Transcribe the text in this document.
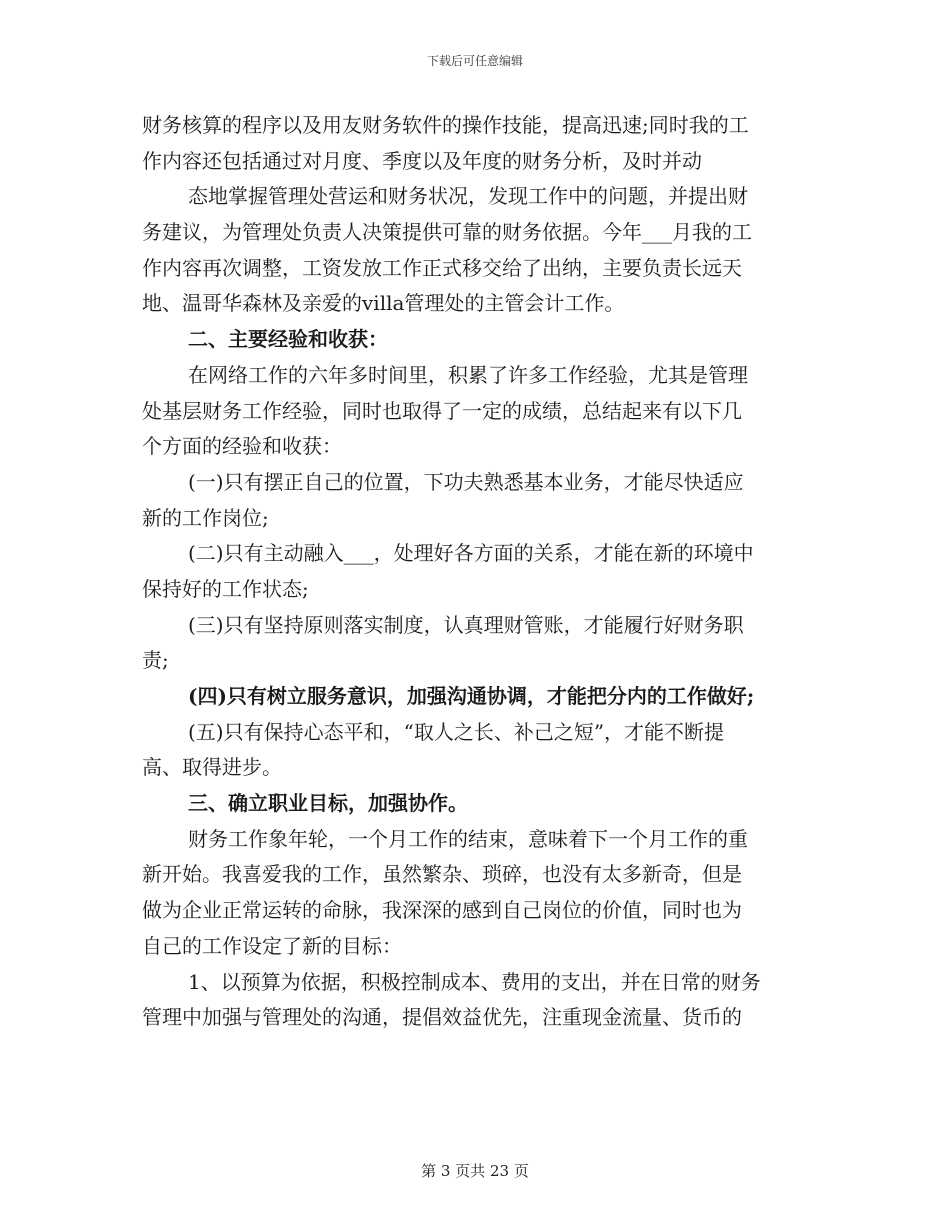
下载后可任意编辑
财务核算的程序以及用友财务软件的操作技能，提高迅速;同时我的工
作内容还包括通过对月度、季度以及年度的财务分析，及时并动
态地掌握管理处营运和财务状况，发现工作中的问题，并提出财
务建议，为管理处负责人决策提供可靠的财务依据。今年___月我的工
作内容再次调整，工资发放工作正式移交给了出纳，主要负责长远天
地、温哥华森林及亲爱的villa管理处的主管会计工作。
二、主要经验和收获：
在网络工作的六年多时间里，积累了许多工作经验，尤其是管理
处基层财务工作经验，同时也取得了一定的成绩，总结起来有以下几
个方面的经验和收获：
(一)只有摆正自己的位置，下功夫熟悉基本业务，才能尽快适应
新的工作岗位;
(二)只有主动融入___，处理好各方面的关系，才能在新的环境中
保持好的工作状态;
(三)只有坚持原则落实制度，认真理财管账，才能履行好财务职
责;
(四)只有树立服务意识，加强沟通协调，才能把分内的工作做好;
(五)只有保持心态平和，“取人之长、补己之短”，才能不断提
高、取得进步。
三、确立职业目标，加强协作。
财务工作象年轮，一个月工作的结束，意味着下一个月工作的重
新开始。我喜爱我的工作，虽然繁杂、琐碎，也没有太多新奇，但是
做为企业正常运转的命脉，我深深的感到自己岗位的价值，同时也为
自己的工作设定了新的目标：
1、以预算为依据，积极控制成本、费用的支出，并在日常的财务
管理中加强与管理处的沟通，提倡效益优先，注重现金流量、货币的
第 3 页共 23 页
